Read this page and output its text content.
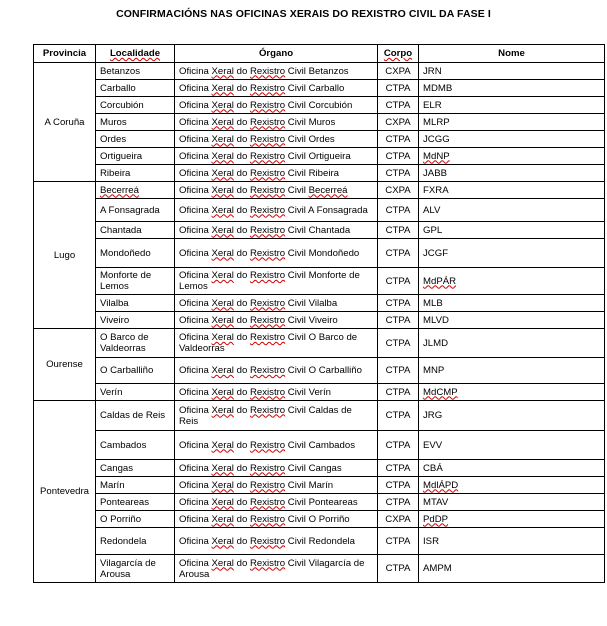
CONFIRMACIÓNS NAS OFICINAS XERAIS DO REXISTRO CIVIL DA FASE I
Provincia	Localidade	Órgano	Corpo	Nome
A Coruña	Betanzos	Oficina Xeral do Rexistro Civil Betanzos	CXPA	JRN
	Carballo	Oficina Xeral do Rexistro Civil Carballo	CTPA	MDMB
	Corcubión	Oficina Xeral do Rexistro Civil Corcubión	CTPA	ELR
	Muros	Oficina Xeral do Rexistro Civil Muros	CXPA	MLRP
	Ordes	Oficina Xeral do Rexistro Civil Ordes	CTPA	JCGG
	Ortigueira	Oficina Xeral do Rexistro Civil Ortigueira	CTPA	MdNP
	Ribeira	Oficina Xeral do Rexistro Civil Ribeira	CTPA	JABB
Lugo	Becerreá	Oficina Xeral do Rexistro Civil Becerreá	CXPA	FXRA
	A Fonsagrada	Oficina Xeral do Rexistro Civil A Fonsagrada	CTPA	ALV
	Chantada	Oficina Xeral do Rexistro Civil Chantada	CTPA	GPL
	Mondoñedo	Oficina Xeral do Rexistro Civil Mondoñedo	CTPA	JCGF
	Monforte de Lemos	Oficina Xeral do Rexistro Civil Monforte de Lemos	CTPA	MdPÁR
	Vilalba	Oficina Xeral do Rexistro Civil Vilalba	CTPA	MLB
	Viveiro	Oficina Xeral do Rexistro Civil Viveiro	CTPA	MLVD
Ourense	O Barco de Valdeorras	Oficina Xeral do Rexistro Civil O Barco de Valdeorras	CTPA	JLMD
	O Carballiño	Oficina Xeral do Rexistro Civil O Carballiño	CTPA	MNP
	Verín	Oficina Xeral do Rexistro Civil Verín	CTPA	MdCMP
Pontevedra	Caldas de Reis	Oficina Xeral do Rexistro Civil Caldas de Reis	CTPA	JRG
	Cambados	Oficina Xeral do Rexistro Civil Cambados	CTPA	EVV
	Cangas	Oficina Xeral do Rexistro Civil Cangas	CTPA	CBÁ
	Marín	Oficina Xeral do Rexistro Civil Marín	CTPA	MdlÁPD
	Ponteareas	Oficina Xeral do Rexistro Civil Ponteareas	CTPA	MTAV
	O Porriño	Oficina Xeral do Rexistro Civil O Porriño	CXPA	PdDP
	Redondela	Oficina Xeral do Rexistro Civil Redondela	CTPA	ISR
	Vilagarcía de Arousa	Oficina Xeral do Rexistro Civil Vilagarcía de Arousa	CTPA	AMPM
